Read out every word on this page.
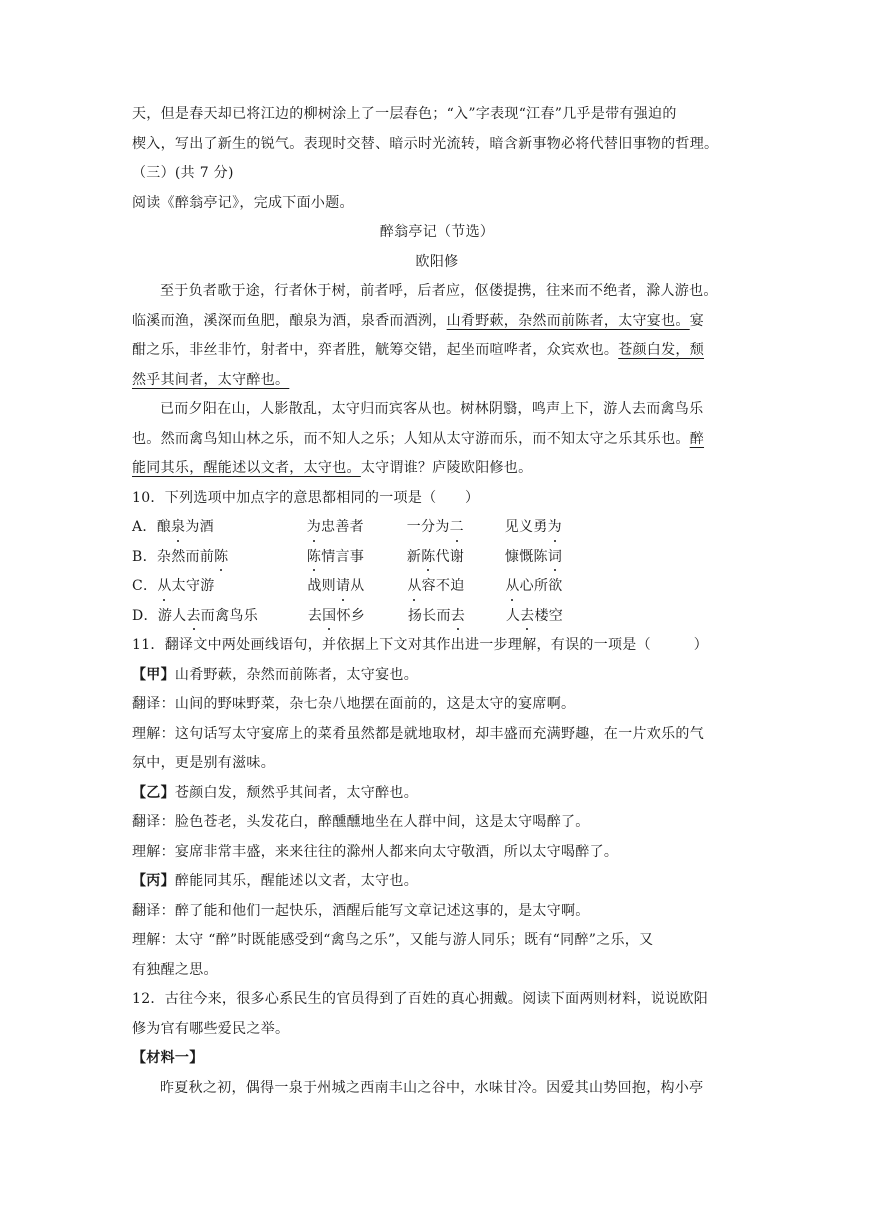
天，但是春天却已将江边的柳树涂上了一层春色；“入”字表现“江春”几乎是带有强迫的
楔入，写出了新生的锐气。表现时交替、暗示时光流转，暗含新事物必将代替旧事物的哲理。
（三）(共 7 分)
阅读《醉翁亭记》，完成下面小题。
醉翁亭记（节选）
欧阳修
至于负者歌于途，行者休于树，前者呼，后者应，伛偻提携，往来而不绝者，滁人游也。
临溪而渔，溪深而鱼肥，酿泉为酒，泉香而酒洌，山肴野蔌，杂然而前陈者，太守宴也。宴
酣之乐，非丝非竹，射者中，弈者胜，觥筹交错，起坐而喧哗者，众宾欢也。苍颜白发，颓
然乎其间者，太守醉也。
已而夕阳在山，人影散乱，太守归而宾客从也。树林阴翳，鸣声上下，游人去而禽鸟乐
也。然而禽鸟知山林之乐，而不知人之乐；人知从太守游而乐，而不知太守之乐其乐也。醉
能同其乐，醒能述以文者，太守也。太守谓谁？庐陵欧阳修也。
10．下列选项中加点字的意思都相同的一项是（　　）
A． 酿泉为酒	为忠善者	一分为二	见义勇为
B． 杂然而前陈	陈情言事	新陈代谢	慷慨陈词
C． 从太守游	战则请从	从容不迫	从心所欲
D． 游人去而禽鸟乐	去国怀乡	扬长而去	人去楼空
11．翻译文中两处画线语句，并依据上下文对其作出进一步理解，有误的一项是（　　　）
【甲】山肴野蔌，杂然而前陈者，太守宴也。
翻译：山间的野味野菜，杂七杂八地摆在面前的，这是太守的宴席啊。
理解：这句话写太守宴席上的菜肴虽然都是就地取材，却丰盛而充满野趣，在一片欢乐的气
氛中，更是别有滋味。
【乙】苍颜白发，颓然乎其间者，太守醉也。
翻译：脸色苍老，头发花白，醉醺醺地坐在人群中间，这是太守喝醉了。
理解：宴席非常丰盛，来来往往的滁州人都来向太守敬酒，所以太守喝醉了。
【丙】醉能同其乐，醒能述以文者，太守也。
翻译：醉了能和他们一起快乐，酒醒后能写文章记述这事的，是太守啊。
理解：太守 “醉”时既能感受到“禽鸟之乐”，又能与游人同乐；既有“同醉”之乐，又
有独醒之思。
12．古往今来，很多心系民生的官员得到了百姓的真心拥戴。阅读下面两则材料，说说欧阳
修为官有哪些爱民之举。
【材料一】
昨夏秋之初，偶得一泉于州城之西南丰山之谷中，水味甘冷。因爱其山势回抱，构小亭
